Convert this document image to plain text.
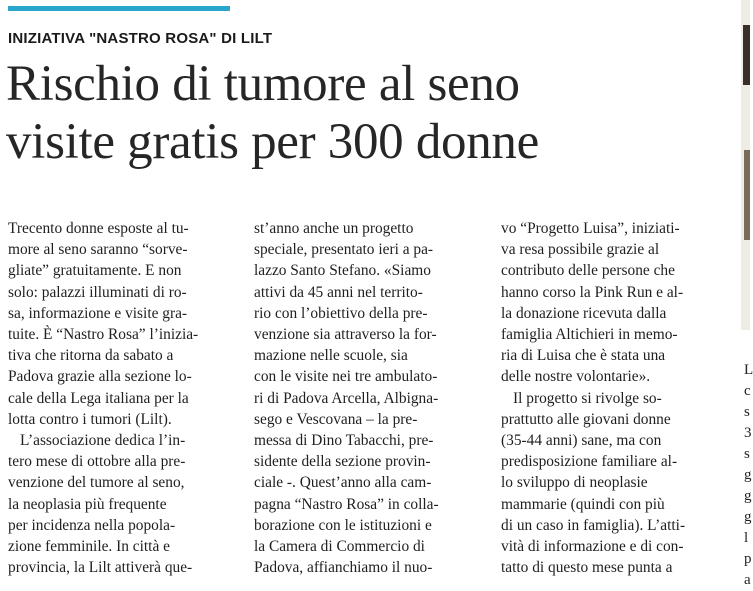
INIZIATIVA "NASTRO ROSA" DI LILT
Rischio di tumore al seno
visite gratis per 300 donne
Trecento donne esposte al tu-
more al seno saranno “sorve-
gliate” gratuitamente. E non
solo: palazzi illuminati di ro-
sa, informazione e visite gra-
tuite. È “Nastro Rosa” l’inizia-
tiva che ritorna da sabato a
Padova grazie alla sezione lo-
cale della Lega italiana per la
lotta contro i tumori (Lilt).
L’associazione dedica l’in-
tero mese di ottobre alla pre-
venzione del tumore al seno,
la neoplasia più frequente
per incidenza nella popola-
zione femminile. In città e
provincia, la Lilt attiverà que-
st’anno anche un progetto
speciale, presentato ieri a pa-
lazzo Santo Stefano. «Siamo
attivi da 45 anni nel territo-
rio con l’obiettivo della pre-
venzione sia attraverso la for-
mazione nelle scuole, sia
con le visite nei tre ambulato-
ri di Padova Arcella, Albigna-
sego e Vescovana – la pre-
messa di Dino Tabacchi, pre-
sidente della sezione provin-
ciale -. Quest’anno alla cam-
pagna “Nastro Rosa” in colla-
borazione con le istituzioni e
la Camera di Commercio di
Padova, affianchiamo il nuo-
vo “Progetto Luisa”, iniziati-
va resa possibile grazie al
contributo delle persone che
hanno corso la Pink Run e al-
la donazione ricevuta dalla
famiglia Altichieri in memo-
ria di Luisa che è stata una
delle nostre volontarie».
Il progetto si rivolge so-
prattutto alle giovani donne
(35-44 anni) sane, ma con
predisposizione familiare al-
lo sviluppo di neoplasie
mammarie (quindi con più
di un caso in famiglia). L’atti-
vità di informazione e di con-
tatto di questo mese punta a
L
c
s
3
s
g
g
g
l
p
a
